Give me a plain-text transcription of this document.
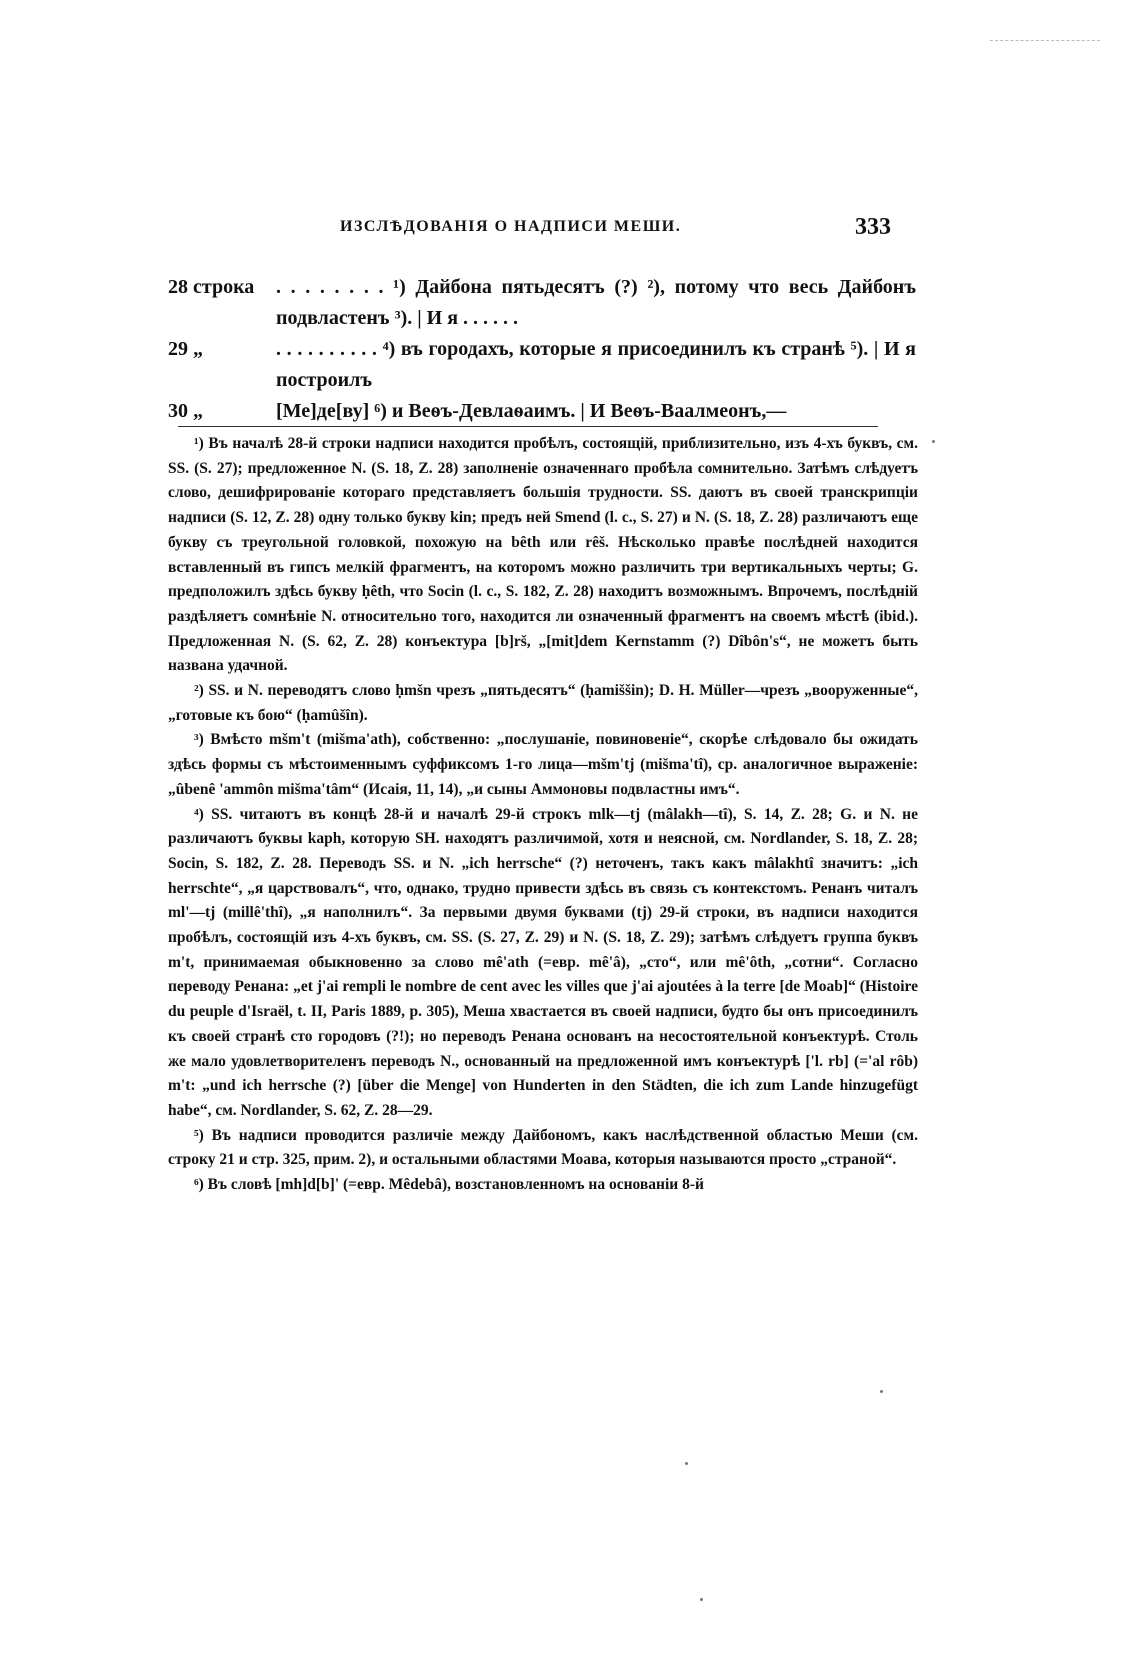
ИЗСЛѢДОВАНІЯ О НАДПИСИ МЕШИ.	333
28 строка	. . . . . . . . ¹) Дайбона пятьдесятъ (?) ²), потому что весь Дайбонъ подвластенъ ³). | И я . . . . . .
29 „	. . . . . . . . . . ⁴) въ городахъ, которые я присоединилъ къ странѣ ⁵). | И я построилъ
30 „	[Ме]де[ву] ⁶) и Веѳъ-Девлаѳаимъ. | И Веѳъ-Ваалмеонъ,—

¹) Въ началѣ 28-й строки надписи находится пробѣлъ, состоящій, приблизительно, изъ 4-хъ буквъ, см. SS. (S. 27); предложенное N. (S. 18, Z. 28) заполненіе означеннаго пробѣла сомнительно. Затѣмъ слѣдуетъ слово, дешифрированіе котораго представляетъ большія трудности. SS. даютъ въ своей транскрипціи надписи (S. 12, Z. 28) одну только букву kin; предъ ней Smend (l. c., S. 27) и N. (S. 18, Z. 28) различаютъ еще букву съ треугольной головкой, похожую на bêth или rêš. Нѣсколько правѣе послѣдней находится вставленный въ гипсъ мелкій фрагментъ, на которомъ можно различить три вертикальныхъ черты; G. предположилъ здѣсь букву ḥêth, что Socin (l. c., S. 182, Z. 28) находитъ возможнымъ. Впрочемъ, послѣдній раздѣляетъ сомнѣніе N. относительно того, находится ли означенный фрагментъ на своемъ мѣстѣ (ibid.). Предложенная N. (S. 62, Z. 28) конъектура [b]rš, „[mit]dem Kernstamm (?) Dîbôn's“, не можетъ быть названа удачной.

²) SS. и N. переводятъ слово ḥmšn чрезъ „пятьдесятъ“ (ḥamiššin); D. H. Müller—чрезъ „вооруженные“, „готовые къ бою“ (ḥamûšîn).

³) Вмѣсто mšm't (mišma'ath), собственно: „послушаніе, повиновеніе“, скорѣе слѣдовало бы ожидать здѣсь формы съ мѣстоименнымъ суффиксомъ 1-го лица—mšm'tj (mišma'tî), ср. аналогичное выраженіе: „ûbenê 'ammôn mišma'tâm“ (Исаія, 11, 14), „и сыны Аммоновы подвластны имъ“.

⁴) SS. читаютъ въ концѣ 28-й и началѣ 29-й строкъ mlk—tj (mâlakh—tî), S. 14, Z. 28; G. и N. не различаютъ буквы kaph, которую SH. находятъ различимой, хотя и неясной, см. Nordlander, S. 18, Z. 28; Socin, S. 182, Z. 28. Переводъ SS. и N. „ich herrsche“ (?) неточенъ, такъ какъ mâlakhtî значитъ: „ich herrschte“, „я царствовалъ“, что, однако, трудно привести здѣсь въ связь съ контекстомъ. Ренанъ читалъ ml'—tj (millê'thî), „я наполнилъ“. За первыми двумя буквами (tj) 29-й строки, въ надписи находится пробѣлъ, состоящій изъ 4-хъ буквъ, см. SS. (S. 27, Z. 29) и N. (S. 18, Z. 29); затѣмъ слѣдуетъ группа буквъ m't, принимаемая обыкновенно за слово mê'ath (=евр. mê'â), „сто“, или mê'ôth, „сотни“. Согласно переводу Ренана: „et j'ai rempli le nombre de cent avec les villes que j'ai ajoutées à la terre [de Moab]“ (Histoire du peuple d'Israël, t. II, Paris 1889, p. 305), Меша хвастается въ своей надписи, будто бы онъ присоединилъ къ своей странѣ сто городовъ (?!); но переводъ Ренана основанъ на несостоятельной конъектурѣ. Столь же мало удовлетворителенъ переводъ N., основанный на предложенной имъ конъектурѣ ['l. rb] (='al rôb) m't: „und ich herrsche (?) [über die Menge] von Hunderten in den Städten, die ich zum Lande hinzugefügt habe“, см. Nordlander, S. 62, Z. 28—29.

⁵) Въ надписи проводится различіе между Дайбономъ, какъ наслѣдственной областью Меши (см. строку 21 и стр. 325, прим. 2), и остальными областями Моава, которыя называются просто „страной“.

⁶) Въ словѣ [mh]d[b]' (=евр. Mêdebâ), возстановленномъ на основаніи 8-й
